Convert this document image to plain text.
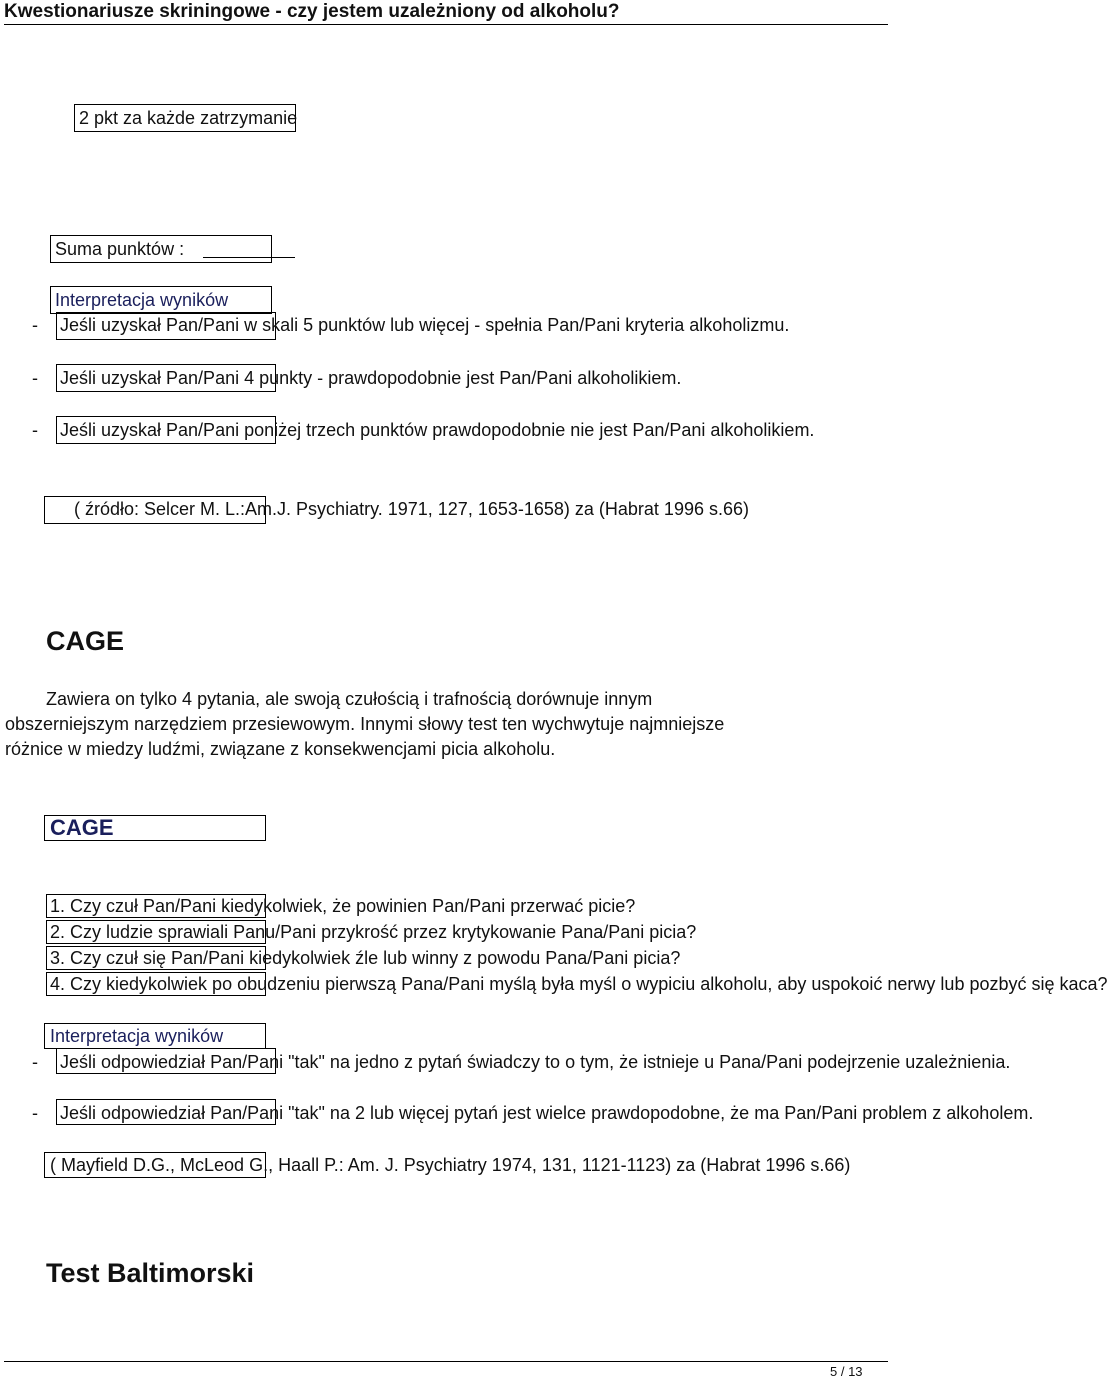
Kwestionariusze skriningowe - czy jestem uzależniony od alkoholu?
2 pkt za każde zatrzymanie
Suma punktów :
Interpretacja wyników
- Jeśli uzyskał Pan/Pani w skali 5 punktów lub więcej - spełnia Pan/Pani kryteria alkoholizmu.
- Jeśli uzyskał Pan/Pani 4 punkty - prawdopodobnie jest Pan/Pani alkoholikiem.
- Jeśli uzyskał Pan/Pani poniżej trzech punktów prawdopodobnie nie jest Pan/Pani alkoholikiem.
( źródło: Selcer M. L.:Am.J. Psychiatry. 1971, 127, 1653-1658) za (Habrat 1996 s.66)
CAGE
Zawiera on tylko 4 pytania, ale swoją czułością i trafnością dorównuje innym
obszerniejszym narzędziem przesiewowym. Innymi słowy test ten wychwytuje najmniejsze
różnice w miedzy ludźmi, związane z konsekwencjami picia alkoholu.
CAGE
1. Czy czuł Pan/Pani kiedykolwiek, że powinien Pan/Pani przerwać picie?
2. Czy ludzie sprawiali Panu/Pani przykrość przez krytykowanie Pana/Pani picia?
3. Czy czuł się Pan/Pani kiedykolwiek źle lub winny z powodu Pana/Pani picia?
4. Czy kiedykolwiek po obudzeniu pierwszą Pana/Pani myślą była myśl o wypiciu alkoholu, aby uspokoić nerwy lub pozbyć się kaca?
Interpretacja wyników
- Jeśli odpowiedział Pan/Pani "tak" na jedno z pytań świadczy to o tym, że istnieje u Pana/Pani podejrzenie uzależnienia.
- Jeśli odpowiedział Pan/Pani "tak" na 2 lub więcej pytań jest wielce prawdopodobne, że ma Pan/Pani problem z alkoholem.
( Mayfield D.G., McLeod G., Haall P.: Am. J. Psychiatry 1974, 131, 1121-1123) za (Habrat 1996 s.66)
Test Baltimorski
5 / 13
